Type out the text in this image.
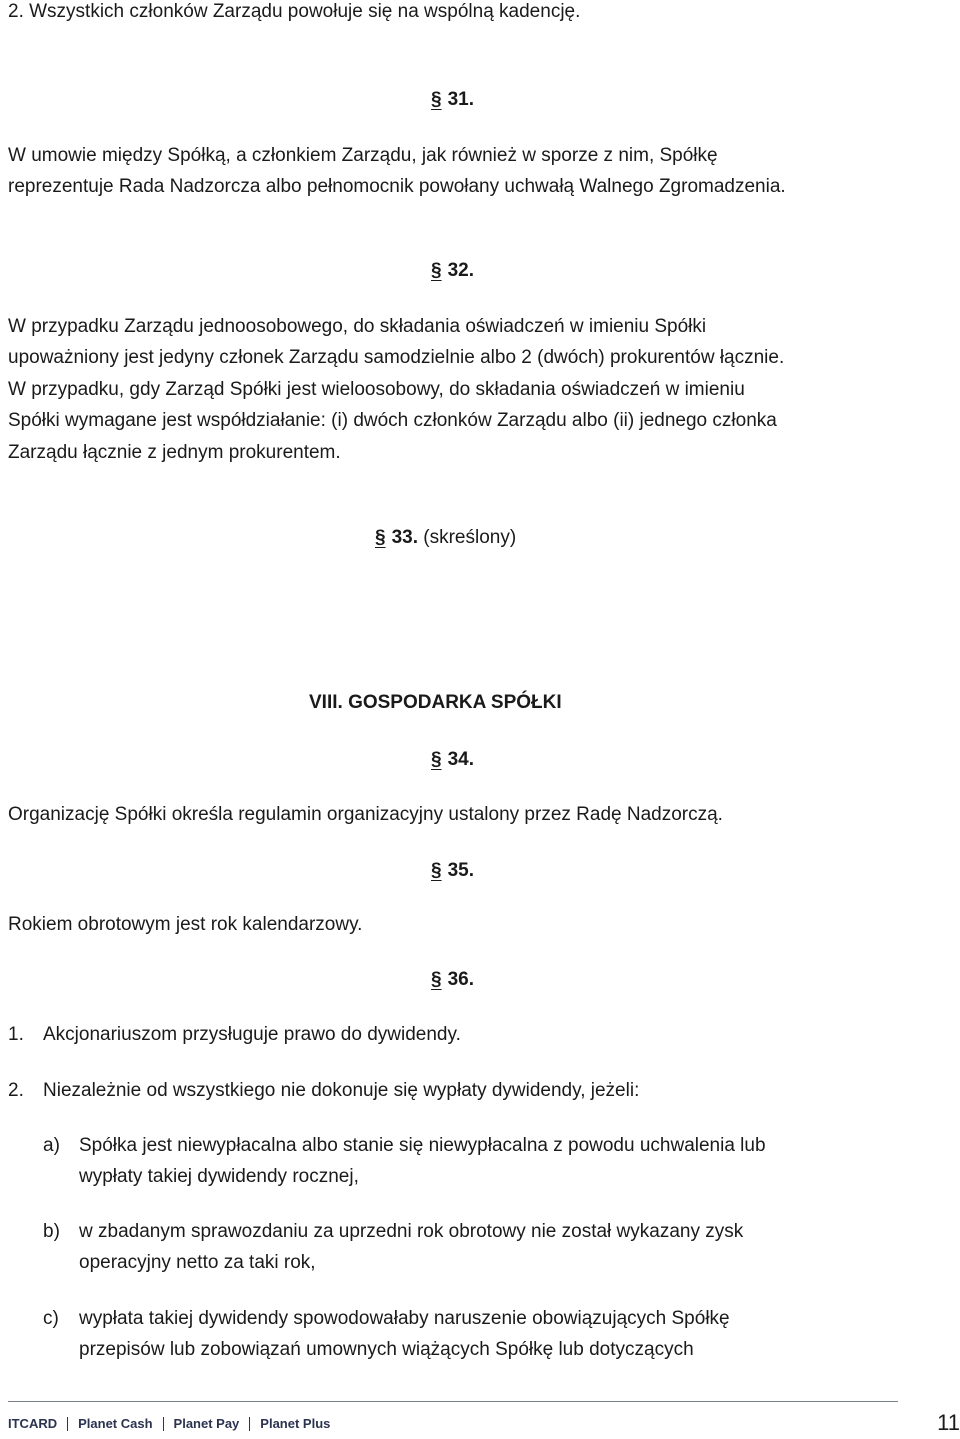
2. Wszystkich członków Zarządu powołuje się na wspólną kadencję.
§ 31.
W umowie między Spółką, a członkiem Zarządu, jak również w sporze z nim, Spółkę
reprezentuje Rada Nadzorcza albo pełnomocnik powołany uchwałą Walnego Zgromadzenia.
§ 32.
W przypadku Zarządu jednoosobowego, do składania oświadczeń w imieniu Spółki
upoważniony jest jedyny członek Zarządu samodzielnie albo 2 (dwóch) prokurentów łącznie.
W przypadku, gdy Zarząd Spółki jest wieloosobowy, do składania oświadczeń w imieniu
Spółki wymagane jest współdziałanie: (i) dwóch członków Zarządu albo (ii) jednego członka
Zarządu łącznie z jednym prokurentem.
§ 33. (skreślony)
VIII. GOSPODARKA SPÓŁKI
§ 34.
Organizację Spółki określa regulamin organizacyjny ustalony przez Radę Nadzorczą.
§ 35.
Rokiem obrotowym jest rok kalendarzowy.
§ 36.
1. Akcjonariuszom przysługuje prawo do dywidendy.
2. Niezależnie od wszystkiego nie dokonuje się wypłaty dywidendy, jeżeli:
a) Spółka jest niewypłacalna albo stanie się niewypłacalna z powodu uchwalenia lub
wypłaty takiej dywidendy rocznej,
b) w zbadanym sprawozdaniu za uprzedni rok obrotowy nie został wykazany zysk
operacyjny netto za taki rok,
c) wypłata takiej dywidendy spowodowałaby naruszenie obowiązujących Spółkę
przepisów lub zobowiązań umownych wiążących Spółkę lub dotyczących
ITCARD Planet Cash Planet Pay Planet Plus	11
